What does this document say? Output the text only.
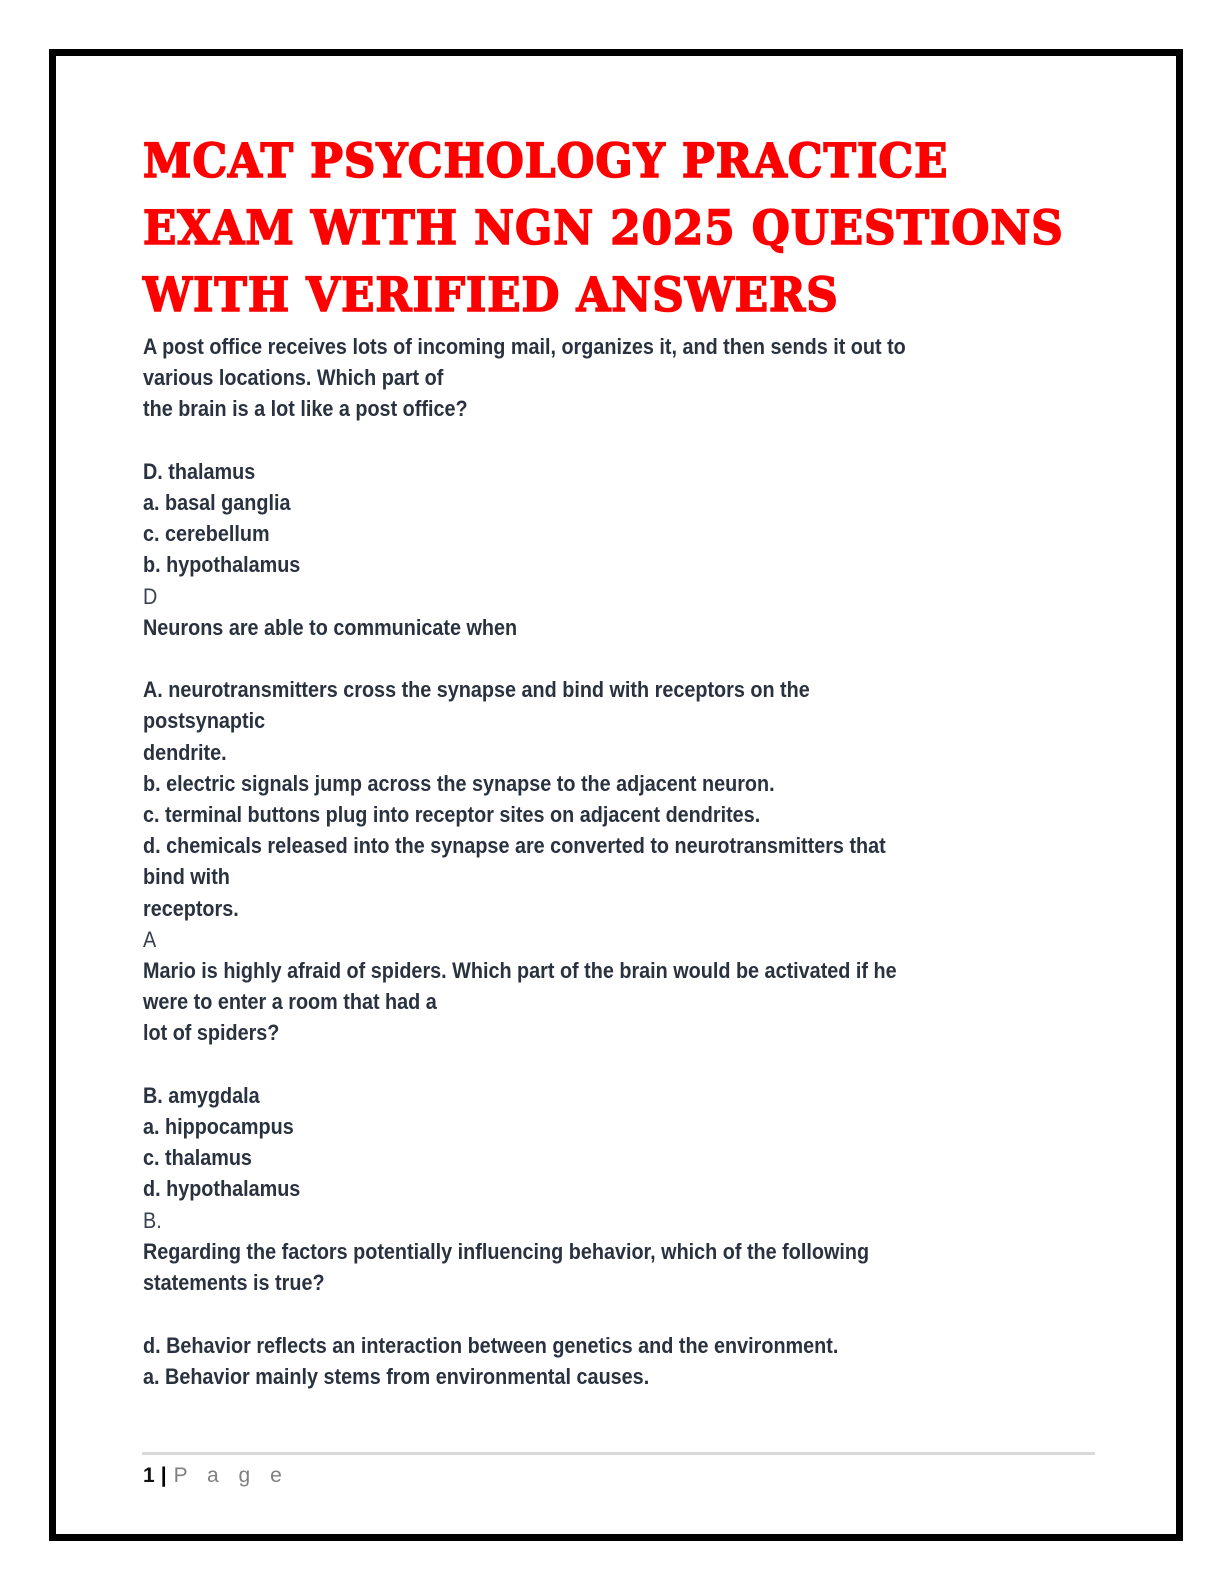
MCAT PSYCHOLOGY PRACTICE
EXAM WITH NGN 2025 QUESTIONS
WITH VERIFIED ANSWERS
A post office receives lots of incoming mail, organizes it, and then sends it out to
various locations. Which part of
the brain is a lot like a post office?

D. thalamus
a. basal ganglia
c. cerebellum
b. hypothalamus
D
Neurons are able to communicate when

A. neurotransmitters cross the synapse and bind with receptors on the
postsynaptic
dendrite.
b. electric signals jump across the synapse to the adjacent neuron.
c. terminal buttons plug into receptor sites on adjacent dendrites.
d. chemicals released into the synapse are converted to neurotransmitters that
bind with
receptors.
A
Mario is highly afraid of spiders. Which part of the brain would be activated if he
were to enter a room that had a
lot of spiders?

B. amygdala
a. hippocampus
c. thalamus
d. hypothalamus
B.
Regarding the factors potentially influencing behavior, which of the following
statements is true?

d. Behavior reflects an interaction between genetics and the environment.
a. Behavior mainly stems from environmental causes.
1 | P a g e
